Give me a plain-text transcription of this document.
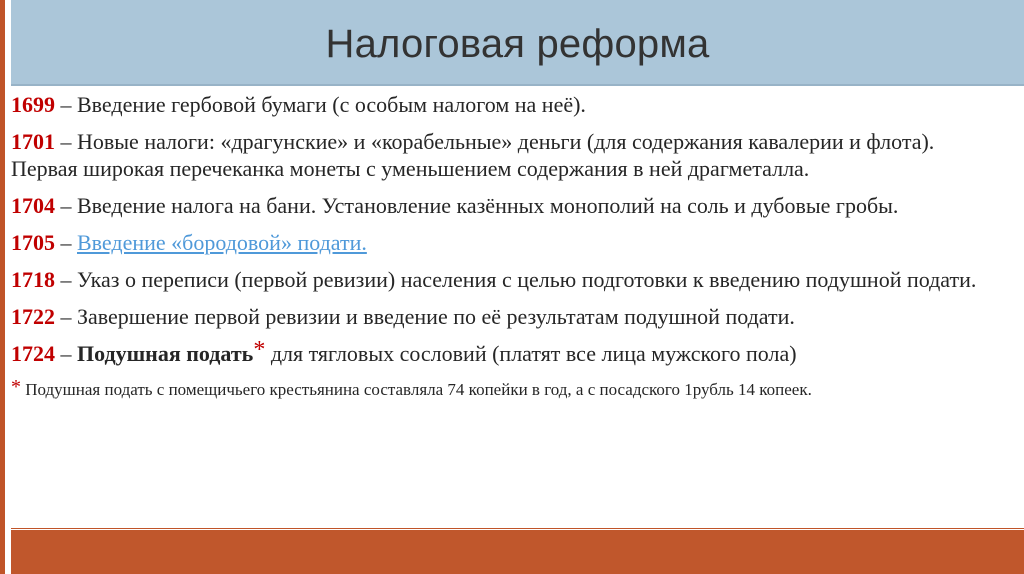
Налоговая реформа

1699 – Введение гербовой бумаги (с особым налогом на неё).

1701 – Новые налоги: «драгунские» и «корабельные» деньги (для содержания кавалерии и флота). Первая широкая перечеканка монеты с уменьшением содержания в ней драгметалла.

1704 – Введение налога на бани. Установление казённых монополий на соль и дубовые гробы.

1705 – Введение «бородовой» подати.

1718 – Указ о переписи (первой ревизии) населения с целью подготовки к введению подушной подати.

1722 – Завершение первой ревизии и введение по её результатам подушной подати.

1724 – Подушная подать* для тягловых сословий (платят все лица мужского пола)

* Подушная подать с помещичьего крестьянина составляла 74 копейки в год, а с посадского 1рубль 14 копеек.
